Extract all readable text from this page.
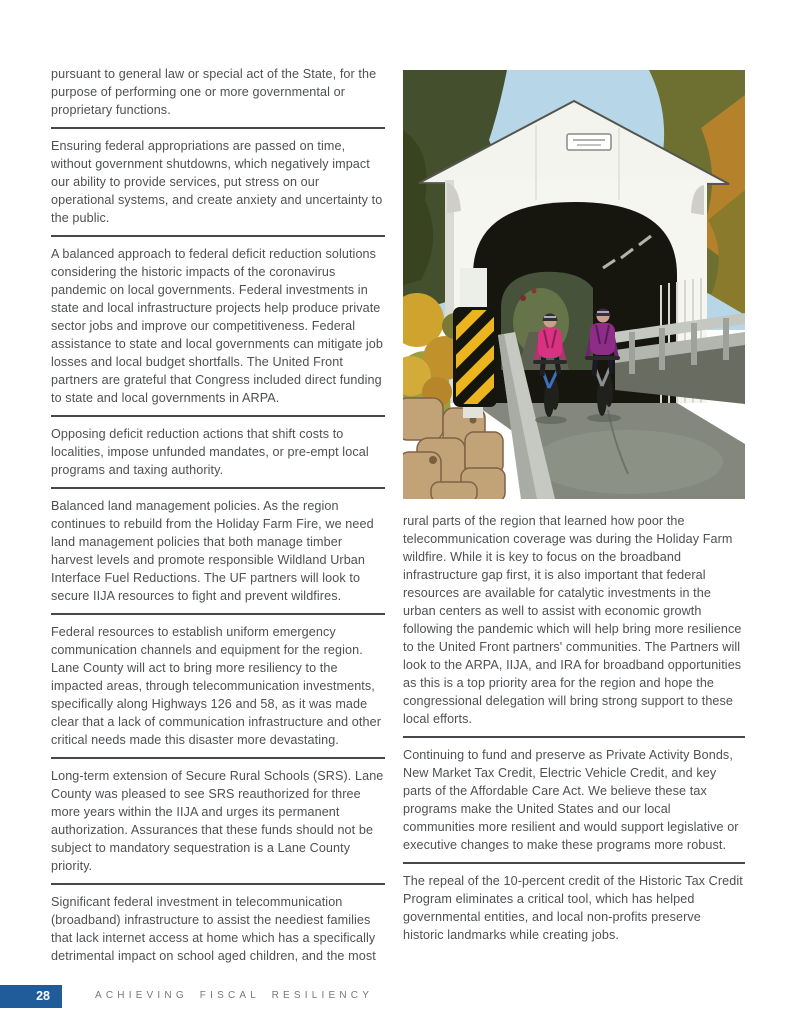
pursuant to general law or special act of the State, for the purpose of performing one or more governmental or proprietary functions.

Ensuring federal appropriations are passed on time, without government shutdowns, which negatively impact our ability to provide services, put stress on our operational systems, and create anxiety and uncertainty to the public.

A balanced approach to federal deficit reduction solutions considering the historic impacts of the coronavirus pandemic on local governments. Federal investments in state and local infrastructure projects help produce private sector jobs and improve our competitiveness. Federal assistance to state and local governments can mitigate job losses and local budget shortfalls. The United Front partners are grateful that Congress included direct funding to state and local governments in ARPA.

Opposing deficit reduction actions that shift costs to localities, impose unfunded mandates, or pre-empt local programs and taxing authority.

Balanced land management policies. As the region continues to rebuild from the Holiday Farm Fire, we need land management policies that both manage timber harvest levels and promote responsible Wildland Urban Interface Fuel Reductions. The UF partners will look to secure IIJA resources to fight and prevent wildfires.

Federal resources to establish uniform emergency communication channels and equipment for the region. Lane County will act to bring more resiliency to the impacted areas, through telecommunication investments, specifically along Highways 126 and 58, as it was made clear that a lack of communication infrastructure and other critical needs made this disaster more devastating.

Long-term extension of Secure Rural Schools (SRS). Lane County was pleased to see SRS reauthorized for three more years within the IIJA and urges its permanent authorization. Assurances that these funds should not be subject to mandatory sequestration is a Lane County priority.

Significant federal investment in telecommunication (broadband) infrastructure to assist the neediest families that lack internet access at home which has a specifically detrimental impact on school aged children, and the most

rural parts of the region that learned how poor the telecommunication coverage was during the Holiday Farm wildfire. While it is key to focus on the broadband infrastructure gap first, it is also important that federal resources are available for catalytic investments in the urban centers as well to assist with economic growth following the pandemic which will help bring more resilience to the United Front partners' communities. The Partners will look to the ARPA, IIJA, and IRA for broadband opportunities as this is a top priority area for the region and hope the congressional delegation will bring strong support to these local efforts.

Continuing to fund and preserve as Private Activity Bonds, New Market Tax Credit, Electric Vehicle Credit, and key parts of the Affordable Care Act. We believe these tax programs make the United States and our local communities more resilient and would support legislative or executive changes to make these programs more robust.

The repeal of the 10-percent credit of the Historic Tax Credit Program eliminates a critical tool, which has helped governmental entities, and local non-profits preserve historic landmarks while creating jobs.

28	ACHIEVING FISCAL RESILIENCY
